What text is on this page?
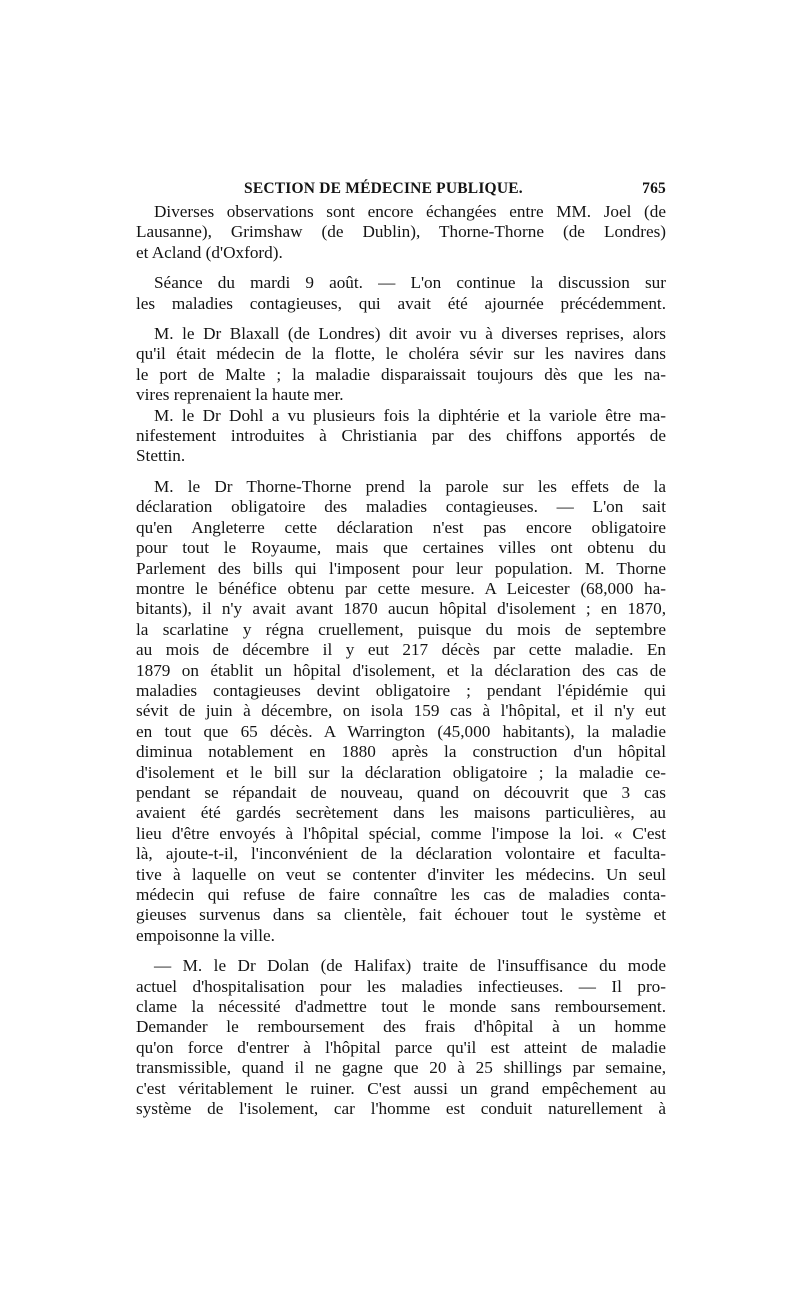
SECTION DE MÉDECINE PUBLIQUE.	765
Diverses observations sont encore échangées entre MM. Joel (de
Lausanne), Grimshaw (de Dublin), Thorne-Thorne (de Londres)
et Acland (d'Oxford).
Séance du mardi 9 août. — L'on continue la discussion sur
les maladies contagieuses, qui avait été ajournée précédemment.
M. le Dr Blaxall (de Londres) dit avoir vu à diverses reprises, alors
qu'il était médecin de la flotte, le choléra sévir sur les navires dans
le port de Malte ; la maladie disparaissait toujours dès que les na-
vires reprenaient la haute mer.
M. le Dr Dohl a vu plusieurs fois la diphtérie et la variole être ma-
nifestement introduites à Christiania par des chiffons apportés de
Stettin.
M. le Dr Thorne-Thorne prend la parole sur les effets de la
déclaration obligatoire des maladies contagieuses. — L'on sait
qu'en Angleterre cette déclaration n'est pas encore obligatoire
pour tout le Royaume, mais que certaines villes ont obtenu du
Parlement des bills qui l'imposent pour leur population. M. Thorne
montre le bénéfice obtenu par cette mesure. A Leicester (68,000 ha-
bitants), il n'y avait avant 1870 aucun hôpital d'isolement ; en 1870,
la scarlatine y régna cruellement, puisque du mois de septembre
au mois de décembre il y eut 217 décès par cette maladie. En
1879 on établit un hôpital d'isolement, et la déclaration des cas de
maladies contagieuses devint obligatoire ; pendant l'épidémie qui
sévit de juin à décembre, on isola 159 cas à l'hôpital, et il n'y eut
en tout que 65 décès. A Warrington (45,000 habitants), la maladie
diminua notablement en 1880 après la construction d'un hôpital
d'isolement et le bill sur la déclaration obligatoire ; la maladie ce-
pendant se répandait de nouveau, quand on découvrit que 3 cas
avaient été gardés secrètement dans les maisons particulières, au
lieu d'être envoyés à l'hôpital spécial, comme l'impose la loi. « C'est
là, ajoute-t-il, l'inconvénient de la déclaration volontaire et faculta-
tive à laquelle on veut se contenter d'inviter les médecins. Un seul
médecin qui refuse de faire connaître les cas de maladies conta-
gieuses survenus dans sa clientèle, fait échouer tout le système et
empoisonne la ville.
— M. le Dr Dolan (de Halifax) traite de l'insuffisance du mode
actuel d'hospitalisation pour les maladies infectieuses. — Il pro-
clame la nécessité d'admettre tout le monde sans remboursement.
Demander le remboursement des frais d'hôpital à un homme
qu'on force d'entrer à l'hôpital parce qu'il est atteint de maladie
transmissible, quand il ne gagne que 20 à 25 shillings par semaine,
c'est véritablement le ruiner. C'est aussi un grand empêchement au
système de l'isolement, car l'homme est conduit naturellement à
